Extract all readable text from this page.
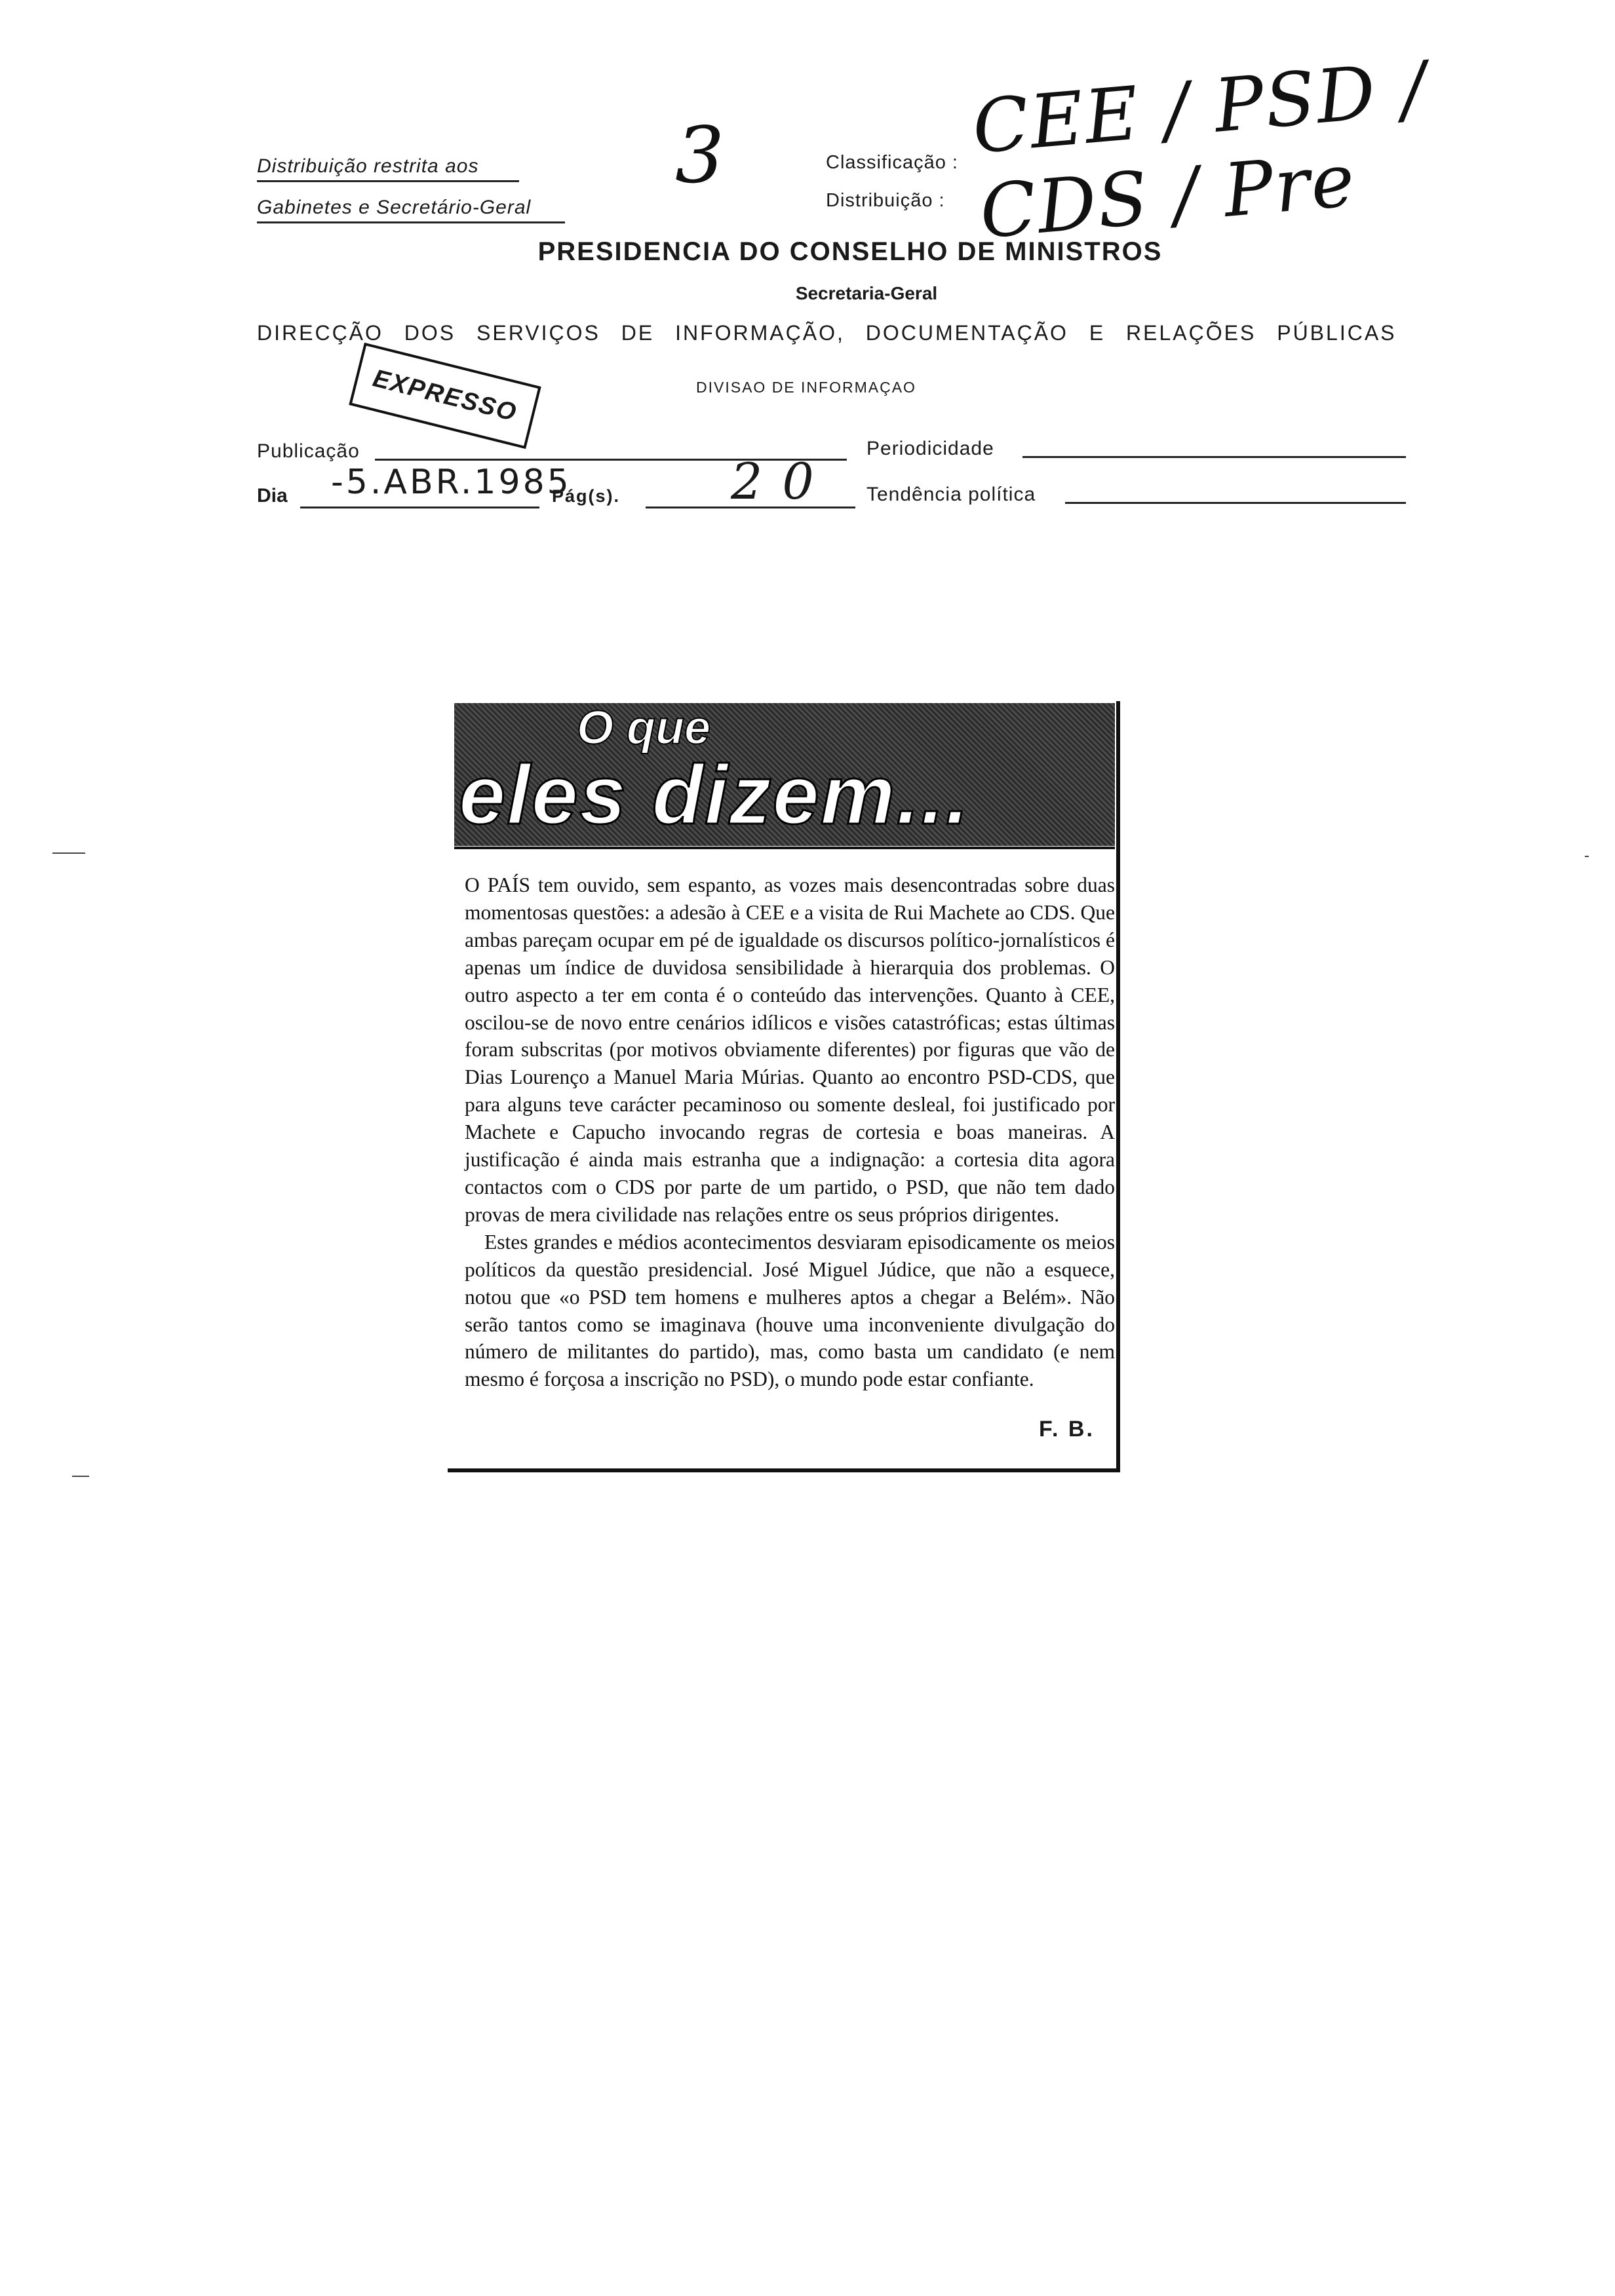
Distribuição restrita aos
Gabinetes e Secretário-Geral
3	Classificação : CEE / PSD / CDS / Pre
Distribuição :
PRESIDENCIA DO CONSELHO DE MINISTROS
Secretaria-Geral
DIRECÇÃO DOS SERVIÇOS DE INFORMAÇÃO, DOCUMENTAÇÃO E RELAÇÕES PÚBLICAS
DIVISAO DE INFORMAÇAO
EXPRESSO
Publicação	Periodicidade
Dia -5.ABR.1985
Pág(s). 20 Tendência política
O que
eles dizem...

O PAÍS tem ouvido, sem espanto, as vozes mais desencontradas sobre duas momentosas questões: a adesão à CEE e a visita de Rui Machete ao CDS. Que ambas pareçam ocupar em pé de igualdade os discursos político-jornalísticos é apenas um índice de duvidosa sensibilidade à hierarquia dos problemas. O outro aspecto a ter em conta é o conteúdo das intervenções. Quanto à CEE, oscilou-se de novo entre cenários idílicos e visões catastróficas; estas últimas foram subscritas (por motivos obviamente diferentes) por figuras que vão de Dias Lourenço a Manuel Maria Múrias. Quanto ao encontro PSD-CDS, que para alguns teve carácter pecaminoso ou somente desleal, foi justificado por Machete e Capucho invocando regras de cortesia e boas maneiras. A justificação é ainda mais estranha que a indignação: a cortesia dita agora contactos com o CDS por parte de um partido, o PSD, que não tem dado provas de mera civilidade nas relações entre os seus próprios dirigentes.

Estes grandes e médios acontecimentos desviaram episodicamente os meios políticos da questão presidencial. José Miguel Júdice, que não a esquece, notou que «o PSD tem homens e mulheres aptos a chegar a Belém». Não serão tantos como se imaginava (houve uma inconveniente divulgação do número de militantes do partido), mas, como basta um candidato (e nem mesmo é forçosa a inscrição no PSD), o mundo pode estar confiante.

F. B.
